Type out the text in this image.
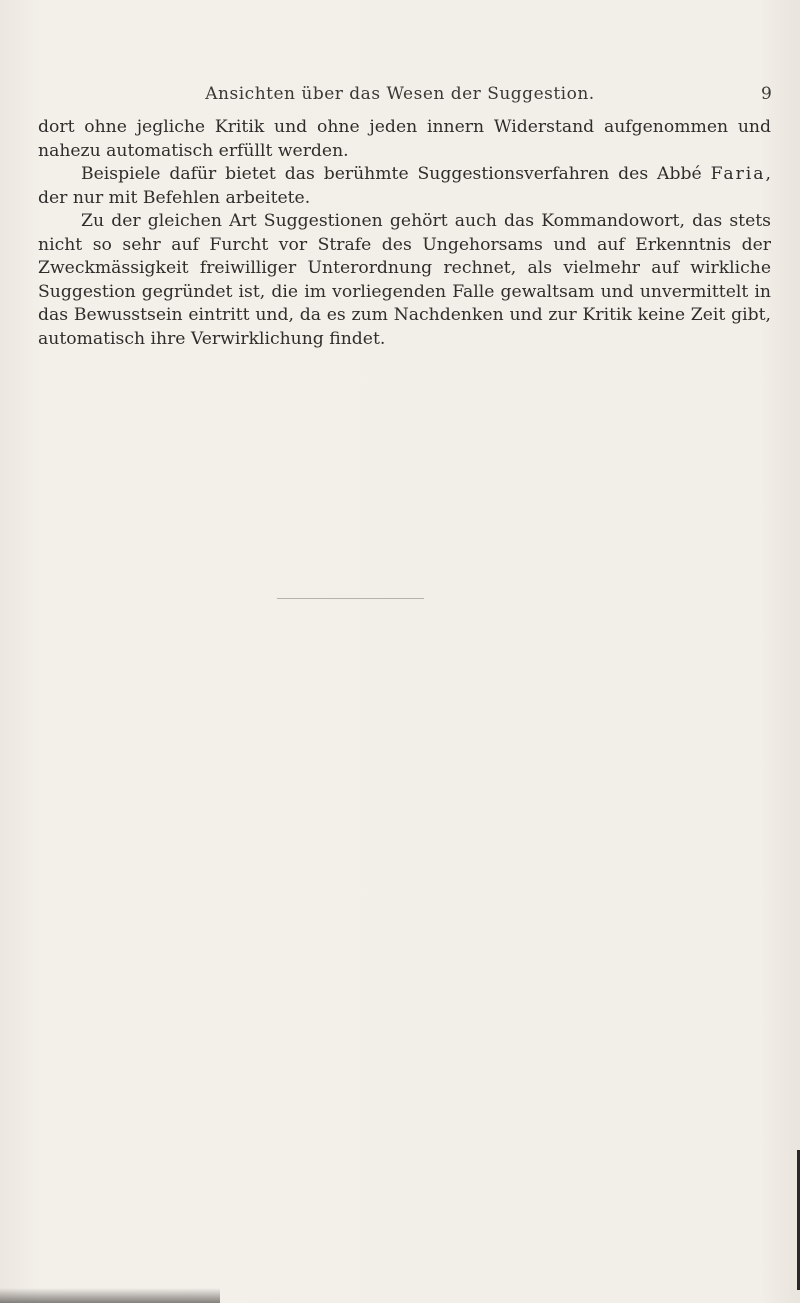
Ansichten über das Wesen der Suggestion.	9

dort ohne jegliche Kritik und ohne jeden innern Widerstand aufgenommen und nahezu automatisch erfüllt werden.

Beispiele dafür bietet das berühmte Suggestionsverfahren des Abbé Faria, der nur mit Befehlen arbeitete.

Zu der gleichen Art Suggestionen gehört auch das Kommandowort, das stets nicht so sehr auf Furcht vor Strafe des Ungehorsams und auf Erkenntnis der Zweckmässigkeit freiwilliger Unterordnung rechnet, als vielmehr auf wirkliche Suggestion gegründet ist, die im vorliegenden Falle gewaltsam und unvermittelt in das Bewusstsein eintritt und, da es zum Nachdenken und zur Kritik keine Zeit gibt, automatisch ihre Verwirklichung findet.
